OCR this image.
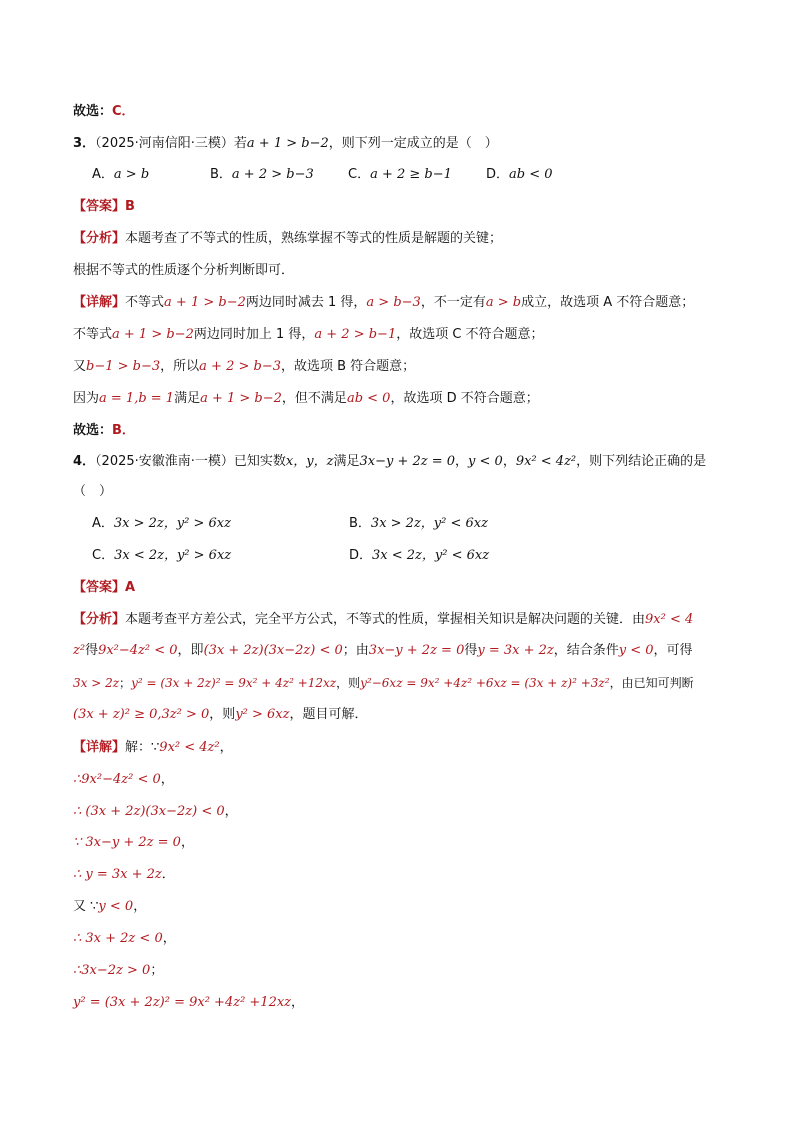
故选：C．
3．（2025·河南信阳·三模）若a + 1 > b−2，则下列一定成立的是（　）
A．a > b	B．a + 2 > b−3	C．a + 2 ≥ b−1	D．ab < 0
【答案】B
【分析】本题考查了不等式的性质，熟练掌握不等式的性质是解题的关键；
根据不等式的性质逐个分析判断即可．
【详解】不等式a + 1 > b−2两边同时减去 1 得，a > b−3，不一定有a > b成立，故选项 A 不符合题意；
不等式a + 1 > b−2两边同时加上 1 得，a + 2 > b−1，故选项 C 不符合题意；
又b−1 > b−3，所以a + 2 > b−3，故选项 B 符合题意；
因为a = 1,b = 1满足a + 1 > b−2，但不满足ab < 0，故选项 D 不符合题意；
故选：B．
4．（2025·安徽淮南·一模）已知实数x，y，z满足3x−y + 2z = 0，y < 0，9x² < 4z²，则下列结论正确的是
（　）
A．3x > 2z，y² > 6xz	B．3x > 2z，y² < 6xz
C．3x < 2z，y² > 6xz	D．3x < 2z，y² < 6xz
【答案】A
【分析】本题考查平方差公式，完全平方公式，不等式的性质，掌握相关知识是解决问题的关键．由9x² < 4
z²得9x²−4z² < 0，即(3x + 2z)(3x−2z) < 0；由3x−y + 2z = 0得y = 3x + 2z，结合条件y < 0，可得
3x > 2z；y² = (3x + 2z)² = 9x² + 4z² +12xz，则y²−6xz = 9x² +4z² +6xz = (3x + z)² +3z²，由已知可判断
(3x + z)² ≥ 0,3z² > 0，则y² > 6xz，题目可解．
【详解】解：∵9x² < 4z²，
∴9x²−4z² < 0，
∴ (3x + 2z)(3x−2z) < 0，
∵ 3x−y + 2z = 0，
∴ y = 3x + 2z．
又 ∵y < 0，
∴ 3x + 2z < 0，
∴3x−2z > 0；
y² = (3x + 2z)² = 9x² +4z² +12xz，
